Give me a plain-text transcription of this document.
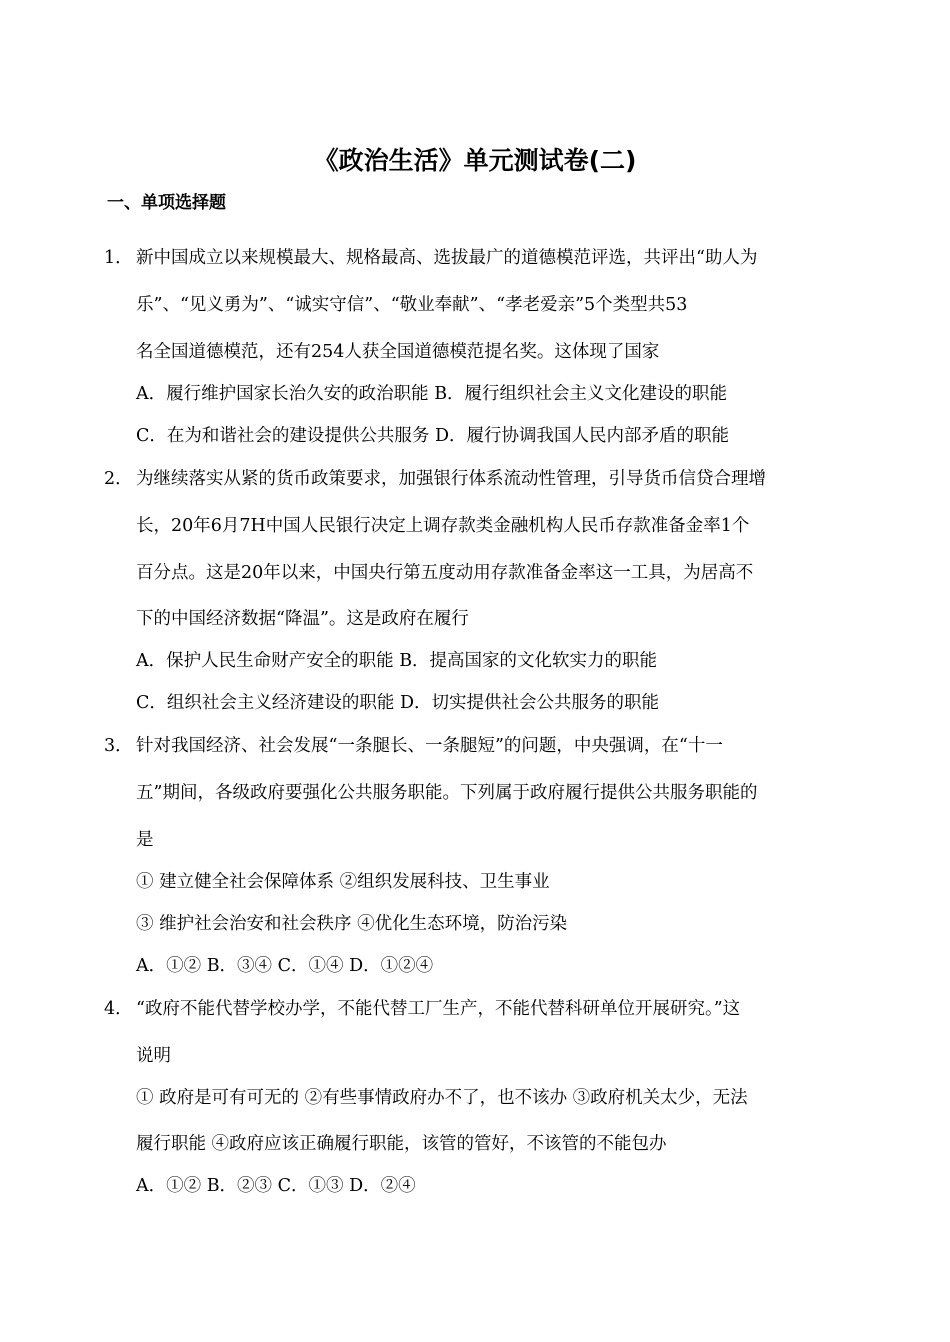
《政治生活》单元测试卷(二)
一、单项选择题
1． 新中国成立以来规模最大、规格最高、选拔最广的道德模范评选，共评出“助人为
乐”、“见义勇为”、“诚实守信”、“敬业奉献”、“孝老爱亲”5个类型共53
名全国道德模范，还有254人获全国道德模范提名奖。这体现了国家
A．履行维护国家长治久安的政治职能 B．履行组织社会主义文化建设的职能
C．在为和谐社会的建设提供公共服务 D．履行协调我国人民内部矛盾的职能
2． 为继续落实从紧的货币政策要求，加强银行体系流动性管理，引导货币信贷合理增
长，20年6月7H中国人民银行决定上调存款类金融机构人民币存款准备金率1个
百分点。这是20年以来，中国央行第五度动用存款准备金率这一工具，为居高不
下的中国经济数据“降温”。这是政府在履行
A．保护人民生命财产安全的职能 B．提高国家的文化软实力的职能
C．组织社会主义经济建设的职能 D．切实提供社会公共服务的职能
3． 针对我国经济、社会发展“一条腿长、一条腿短”的问题，中央强调，在“十一
五”期间，各级政府要强化公共服务职能。下列属于政府履行提供公共服务职能的
是
① 建立健全社会保障体系 ②组织发展科技、卫生事业
③ 维护社会治安和社会秩序 ④优化生态环境，防治污染
A．①② B．③④ C．①④ D．①②④
4． “政府不能代替学校办学，不能代替工厂生产，不能代替科研单位开展研究。”这
说明
① 政府是可有可无的 ②有些事情政府办不了，也不该办 ③政府机关太少，无法
履行职能 ④政府应该正确履行职能，该管的管好，不该管的不能包办
A．①② B．②③ C．①③ D．②④
